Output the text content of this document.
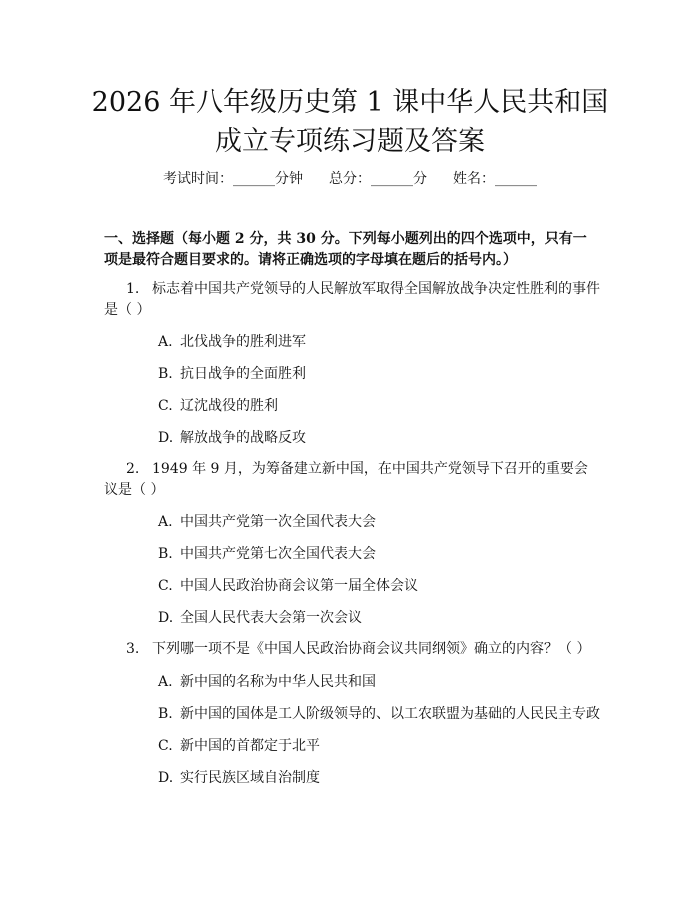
2026 年八年级历史第 1 课中华人民共和国成立专项练习题及答案
考试时间：______分钟 总分：______分 姓名：______

一、选择题（每小题 2 分，共 30 分。下列每小题列出的四个选项中，只有一项是最符合题目要求的。请将正确选项的字母填在题后的括号内。）

1. 标志着中国共产党领导的人民解放军取得全国解放战争决定性胜利的事件是（ ）

A. 北伐战争的胜利进军
B. 抗日战争的全面胜利
C. 辽沈战役的胜利
D. 解放战争的战略反攻

2. 1949 年 9 月，为筹备建立新中国，在中国共产党领导下召开的重要会议是（ ）

A. 中国共产党第一次全国代表大会
B. 中国共产党第七次全国代表大会
C. 中国人民政治协商会议第一届全体会议
D. 全国人民代表大会第一次会议

3. 下列哪一项不是《中国人民政治协商会议共同纲领》确立的内容？（ ）

A. 新中国的名称为中华人民共和国
B. 新中国的国体是工人阶级领导的、以工农联盟为基础的人民民主专政
C. 新中国的首都定于北平
D. 实行民族区域自治制度
